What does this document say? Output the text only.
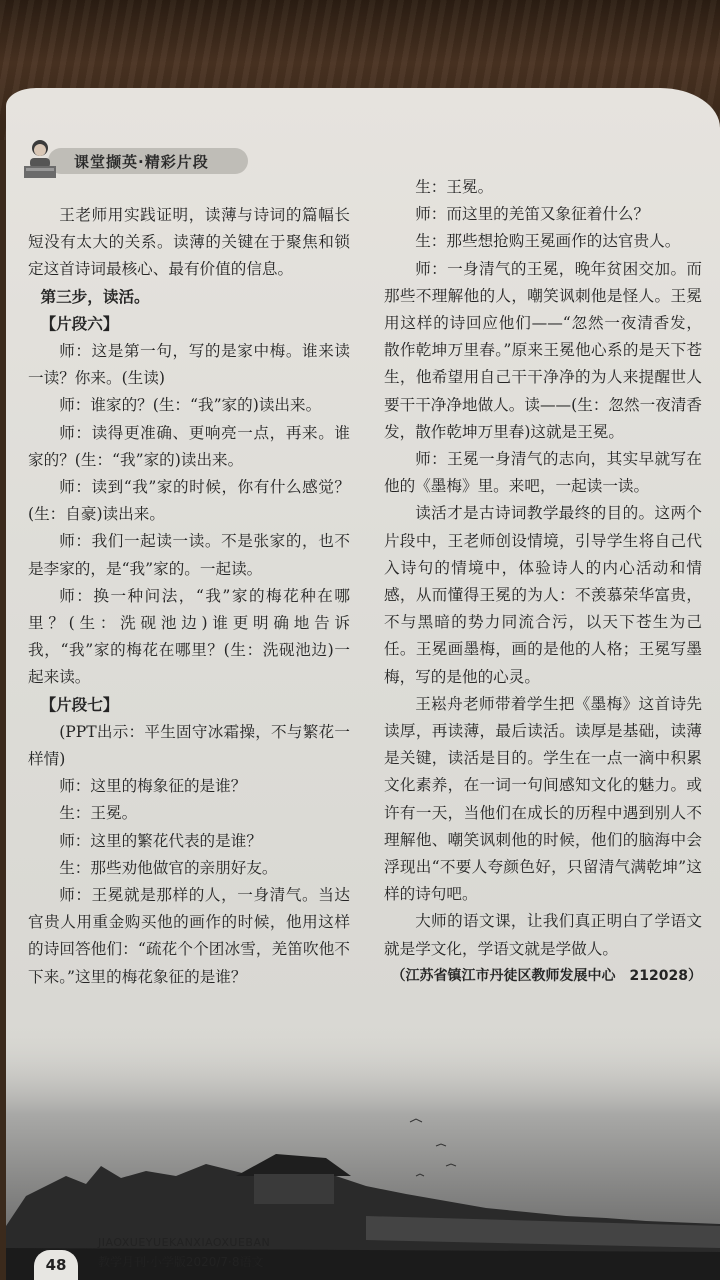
课堂撷英·精彩片段

王老师用实践证明，读薄与诗词的篇幅长短没有太大的关系。读薄的关键在于聚焦和锁定这首诗词最核心、最有价值的信息。

第三步，读活。

【片段六】

师：这是第一句，写的是家中梅。谁来读一读？你来。(生读)

师：谁家的？(生：“我”家的)读出来。

师：读得更准确、更响亮一点，再来。谁家的？(生：“我”家的)读出来。

师：读到“我”家的时候，你有什么感觉？(生：自豪)读出来。

师：我们一起读一读。不是张家的，也不是李家的，是“我”家的。一起读。

师：换一种问法，“我”家的梅花种在哪里？(生：洗砚池边)谁更明确地告诉我，“我”家的梅花在哪里？(生：洗砚池边)一起来读。

【片段七】

(PPT出示：平生固守冰霜操，不与繁花一样情)

师：这里的梅象征的是谁？

生：王冕。

师：这里的繁花代表的是谁？

生：那些劝他做官的亲朋好友。

师：王冕就是那样的人，一身清气。当达官贵人用重金购买他的画作的时候，他用这样的诗回答他们：“疏花个个团冰雪，羌笛吹他不下来。”这里的梅花象征的是谁？

生：王冕。

师：而这里的羌笛又象征着什么？

生：那些想抢购王冕画作的达官贵人。

师：一身清气的王冕，晚年贫困交加。而那些不理解他的人，嘲笑讽刺他是怪人。王冕用这样的诗回应他们——“忽然一夜清香发，散作乾坤万里春。”原来王冕他心系的是天下苍生，他希望用自己干干净净的为人来提醒世人要干干净净地做人。读——(生：忽然一夜清香发，散作乾坤万里春)这就是王冕。

师：王冕一身清气的志向，其实早就写在他的《墨梅》里。来吧，一起读一读。

读活才是古诗词教学最终的目的。这两个片段中，王老师创设情境，引导学生将自己代入诗句的情境中，体验诗人的内心活动和情感，从而懂得王冕的为人：不羡慕荣华富贵，不与黑暗的势力同流合污，以天下苍生为己任。王冕画墨梅，画的是他的人格；王冕写墨梅，写的是他的心灵。

王崧舟老师带着学生把《墨梅》这首诗先读厚，再读薄，最后读活。读厚是基础，读薄是关键，读活是目的。学生在一点一滴中积累文化素养，在一词一句间感知文化的魅力。或许有一天，当他们在成长的历程中遇到别人不理解他、嘲笑讽刺他的时候，他们的脑海中会浮现出“不要人夸颜色好，只留清气满乾坤”这样的诗句吧。

大师的语文课，让我们真正明白了学语文就是学文化，学语文就是学做人。

（江苏省镇江市丹徒区教师发展中心　212028）

48
JIAOXUEYUEKANXIAOXUEBAN
教学月刊·小学版2020/7·8语文
